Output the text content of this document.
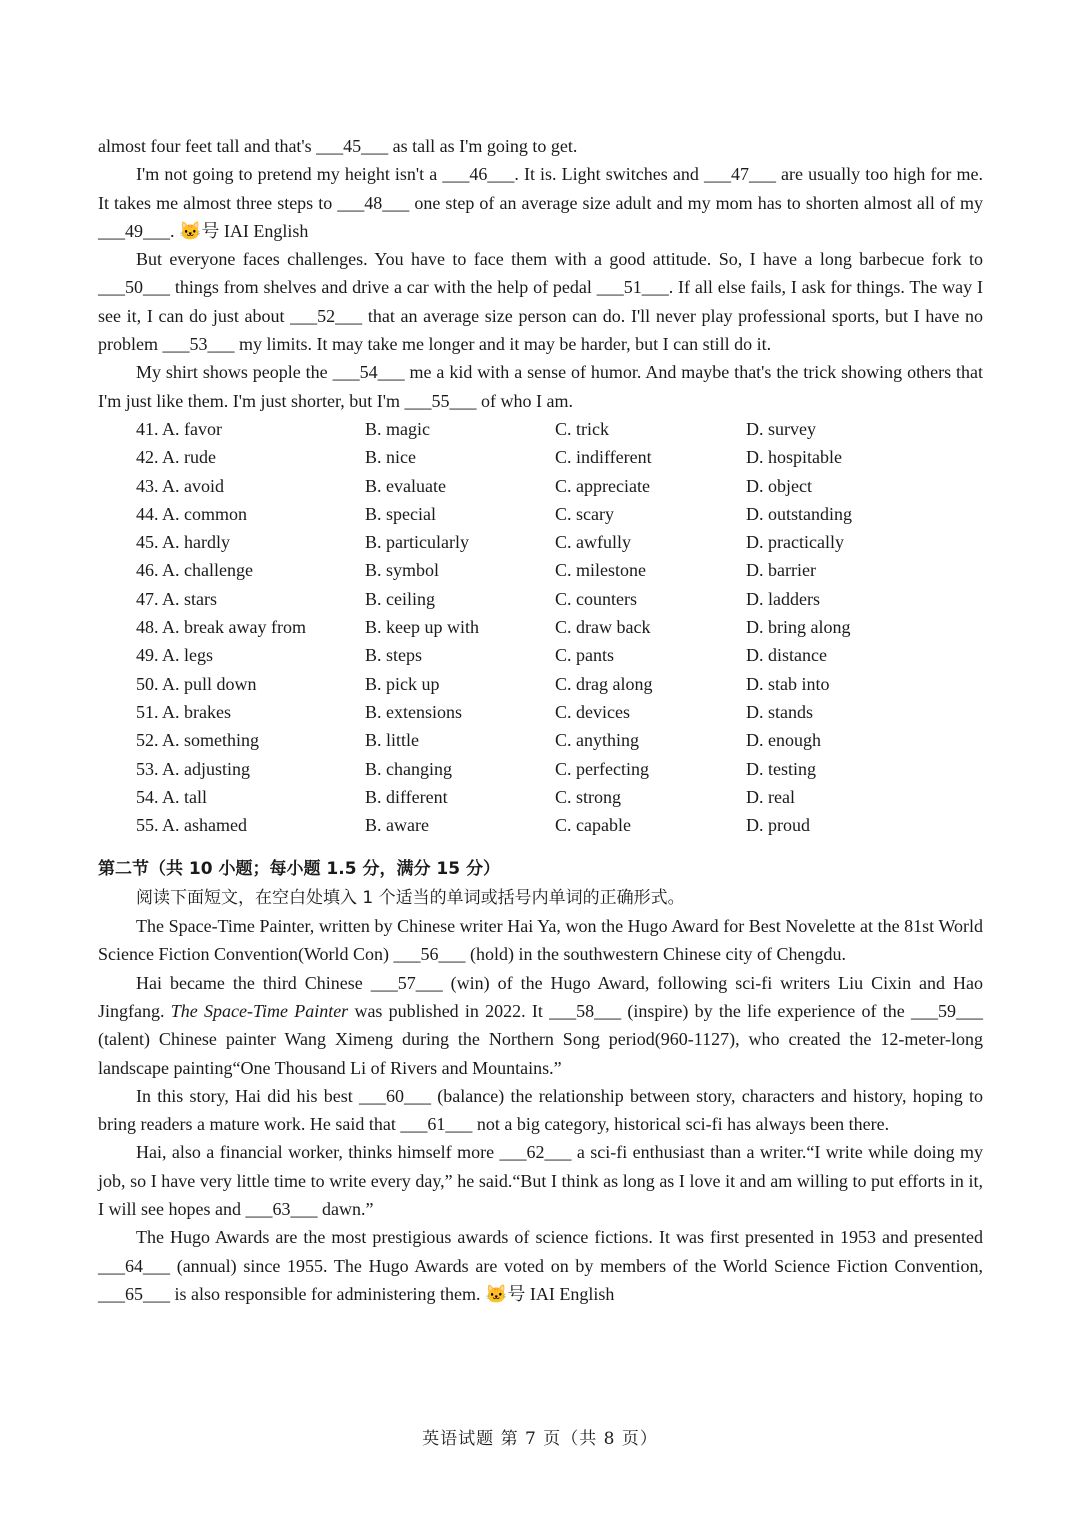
almost four feet tall and that's ___45___ as tall as I'm going to get.

I'm not going to pretend my height isn't a ___46___. It is. Light switches and ___47___ are usually too high for me. It takes me almost three steps to ___48___ one step of an average size adult and my mom has to shorten almost all of my ___49___. 🐱号 IAI English

But everyone faces challenges. You have to face them with a good attitude. So, I have a long barbecue fork to ___50___ things from shelves and drive a car with the help of pedal ___51___. If all else fails, I ask for things. The way I see it, I can do just about ___52___ that an average size person can do. I'll never play professional sports, but I have no problem ___53___ my limits. It may take me longer and it may be harder, but I can still do it.

My shirt shows people the ___54___ me a kid with a sense of humor. And maybe that's the trick showing others that I'm just like them. I'm just shorter, but I'm ___55___ of who I am.

41. A. favor	B. magic	C. trick	D. survey
42. A. rude	B. nice	C. indifferent	D. hospitable
43. A. avoid	B. evaluate	C. appreciate	D. object
44. A. common	B. special	C. scary	D. outstanding
45. A. hardly	B. particularly	C. awfully	D. practically
46. A. challenge	B. symbol	C. milestone	D. barrier
47. A. stars	B. ceiling	C. counters	D. ladders
48. A. break away from	B. keep up with	C. draw back	D. bring along
49. A. legs	B. steps	C. pants	D. distance
50. A. pull down	B. pick up	C. drag along	D. stab into
51. A. brakes	B. extensions	C. devices	D. stands
52. A. something	B. little	C. anything	D. enough
53. A. adjusting	B. changing	C. perfecting	D. testing
54. A. tall	B. different	C. strong	D. real
55. A. ashamed	B. aware	C. capable	D. proud
第二节（共 10 小题；每小题 1.5 分，满分 15 分）

阅读下面短文，在空白处填入 1 个适当的单词或括号内单词的正确形式。

The Space-Time Painter, written by Chinese writer Hai Ya, won the Hugo Award for Best Novelette at the 81st World Science Fiction Convention(World Con) ___56___ (hold) in the southwestern Chinese city of Chengdu.

Hai became the third Chinese ___57___ (win) of the Hugo Award, following sci-fi writers Liu Cixin and Hao Jingfang. The Space-Time Painter was published in 2022. It ___58___ (inspire) by the life experience of the ___59___ (talent) Chinese painter Wang Ximeng during the Northern Song period(960-1127), who created the 12-meter-long landscape painting“One Thousand Li of Rivers and Mountains.”

In this story, Hai did his best ___60___ (balance) the relationship between story, characters and history, hoping to bring readers a mature work. He said that ___61___ not a big category, historical sci-fi has always been there.

Hai, also a financial worker, thinks himself more ___62___ a sci-fi enthusiast than a writer.“I write while doing my job, so I have very little time to write every day,” he said.“But I think as long as I love it and am willing to put efforts in it, I will see hopes and ___63___ dawn.”

The Hugo Awards are the most prestigious awards of science fictions. It was first presented in 1953 and presented ___64___ (annual) since 1955. The Hugo Awards are voted on by members of the World Science Fiction Convention, ___65___ is also responsible for administering them. 🐱号 IAI English

英语试题 第 7 页（共 8 页）
